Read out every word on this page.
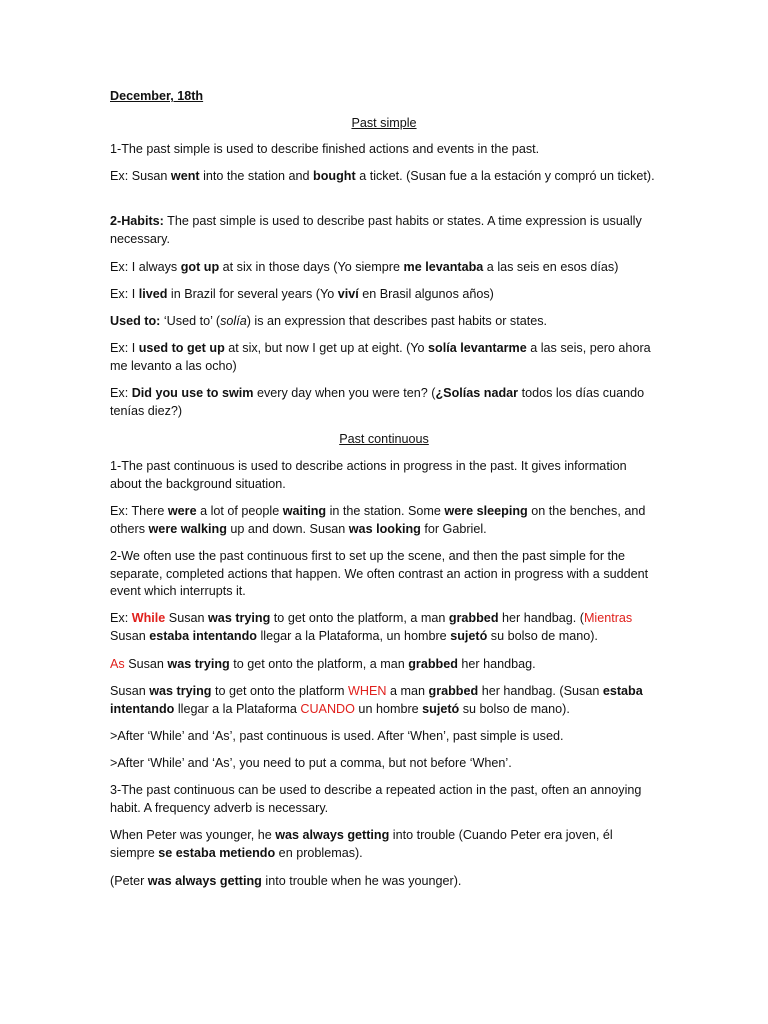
December, 18th
Past simple
1-The past simple is used to describe finished actions and events in the past.
Ex: Susan went into the station and bought a ticket. (Susan fue a la estación y compró un ticket).
2-Habits: The past simple is used to describe past habits or states. A time expression is usually necessary.
Ex: I always got up at six in those days (Yo siempre me levantaba a las seis en esos días)
Ex: I lived in Brazil for several years (Yo viví en Brasil algunos años)
Used to: ‘Used to’ (solía) is an expression that describes past habits or states.
Ex: I used to get up at six, but now I get up at eight. (Yo solía levantarme a las seis, pero ahora me levanto a las ocho)
Ex: Did you use to swim every day when you were ten? (¿Solías nadar todos los días cuando tenías diez?)
Past continuous
1-The past continuous is used to describe actions in progress in the past. It gives information about the background situation.
Ex: There were a lot of people waiting in the station. Some were sleeping on the benches, and others were walking up and down. Susan was looking for Gabriel.
2-We often use the past continuous first to set up the scene, and then the past simple for the separate, completed actions that happen. We often contrast an action in progress with a suddent event which interrupts it.
Ex: While Susan was trying to get onto the platform, a man grabbed her handbag. (Mientras Susan estaba intentando llegar a la Plataforma, un hombre sujetó su bolso de mano).
As Susan was trying to get onto the platform, a man grabbed her handbag.
Susan was trying to get onto the platform WHEN a man grabbed her handbag. (Susan estaba intentando llegar a la Plataforma CUANDO un hombre sujetó su bolso de mano).
>After ‘While’ and ‘As’, past continuous is used. After ‘When’, past simple is used.
>After ‘While’ and ‘As’, you need to put a comma, but not before ‘When’.
3-The past continuous can be used to describe a repeated action in the past, often an annoying habit. A frequency adverb is necessary.
When Peter was younger, he was always getting into trouble (Cuando Peter era joven, él siempre se estaba metiendo en problemas).
(Peter was always getting into trouble when he was younger).
